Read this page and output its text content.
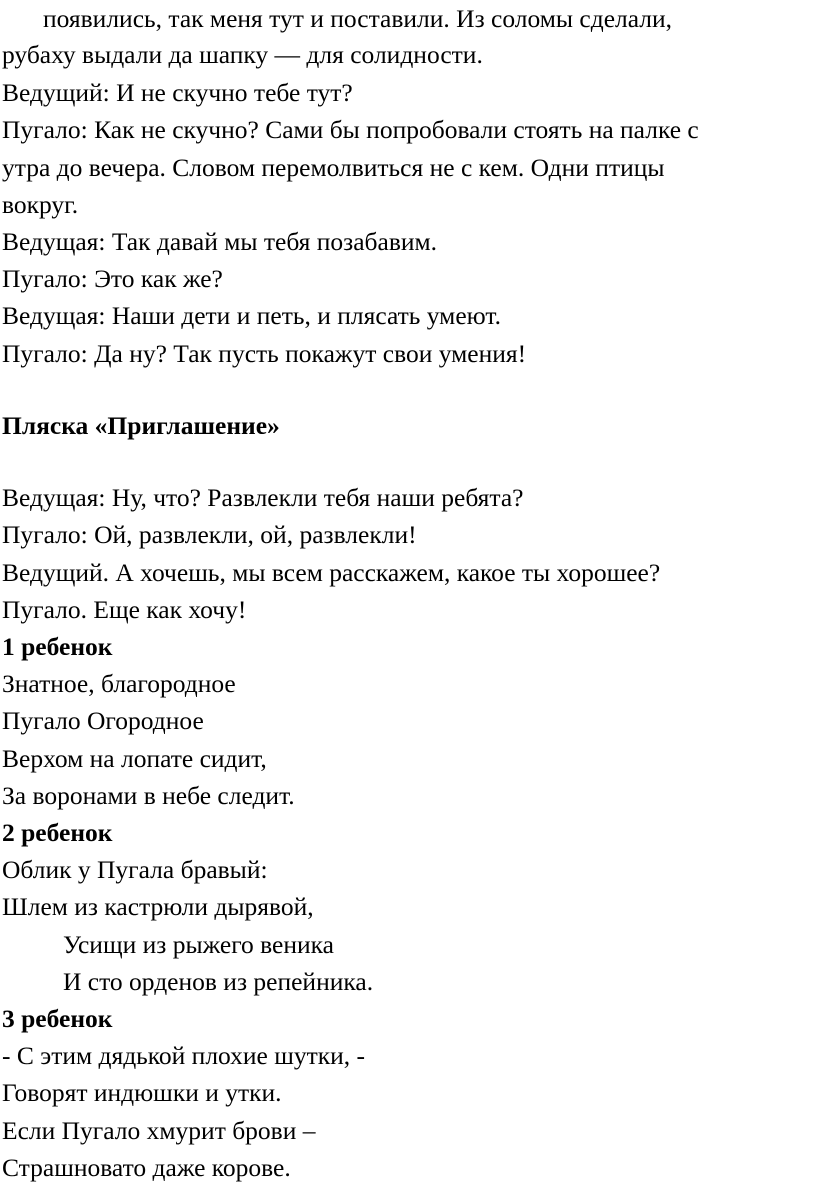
появились, так меня тут и поставили. Из соломы сделали,
рубаху выдали да шапку — для солидности.
Ведущий: И не скучно тебе тут?
Пугало: Как не скучно? Сами бы попробовали стоять на палке с
утра до вечера. Словом перемолвиться не с кем. Одни птицы
вокруг.
Ведущая: Так давай мы тебя позабавим.
Пугало: Это как же?
Ведущая: Наши дети и петь, и плясать умеют.
Пугало: Да ну? Так пусть покажут свои умения!
Пляска «Приглашение»
Ведущая: Ну, что? Развлекли тебя наши ребята?
Пугало: Ой, развлекли, ой, развлекли!
Ведущий. А хочешь, мы всем расскажем, какое ты хорошее?
Пугало. Еще как хочу!
1 ребенок
Знатное, благородное
Пугало Огородное
Верхом на лопате сидит,
За воронами в небе следит.
2 ребенок
Облик у Пугала бравый:
Шлем из кастрюли дырявой,
Усищи из рыжего веника
И сто орденов из репейника.
3 ребенок
- С этим дядькой плохие шутки, -
Говорят индюшки и утки.
Если Пугало хмурит брови –
Страшновато даже корове.
